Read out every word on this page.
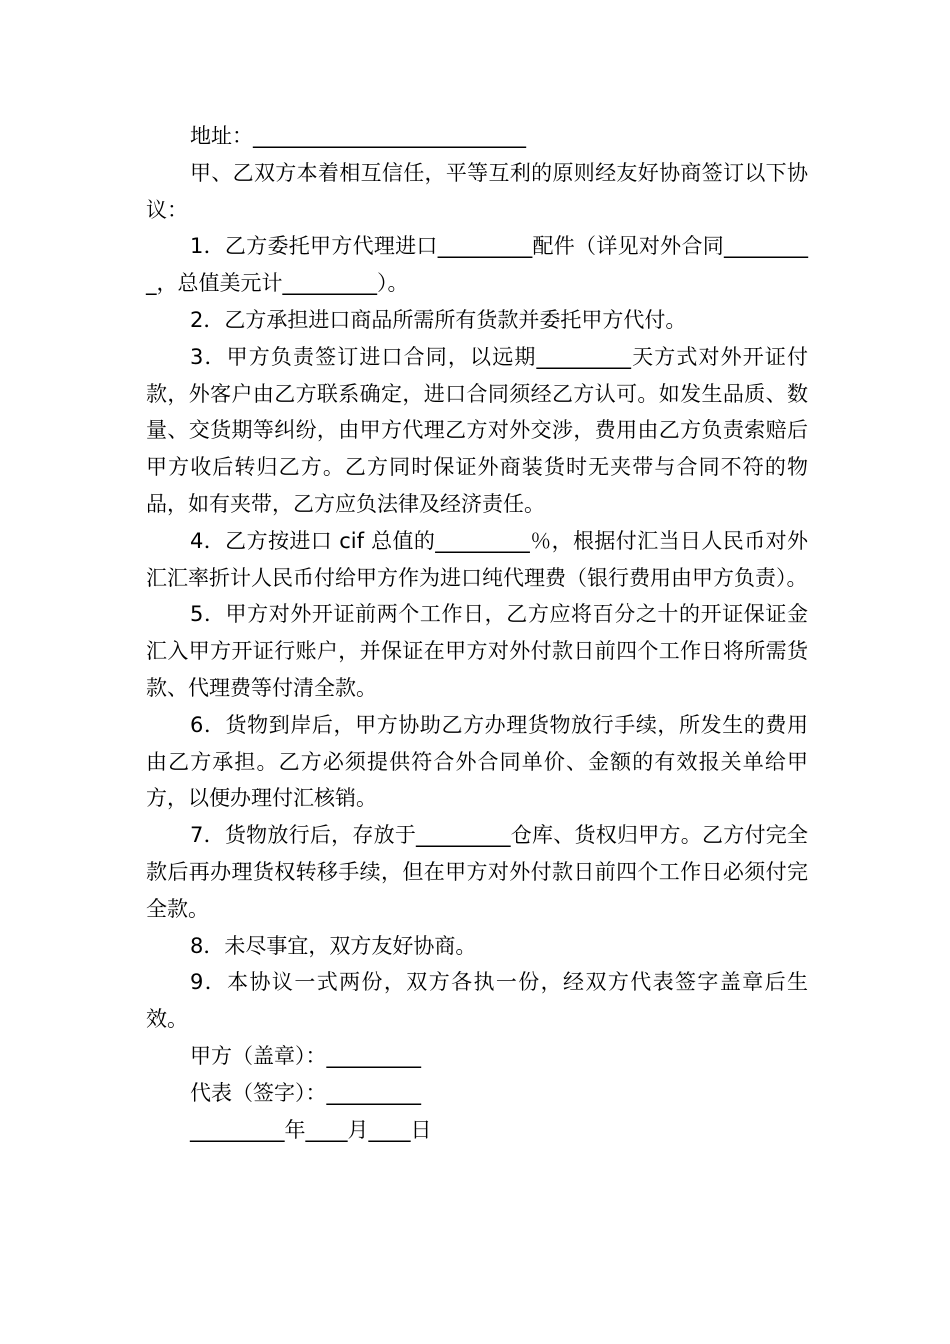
地址：__________________________

甲、乙双方本着相互信任，平等互利的原则经友好协商签订以下协议：

1．乙方委托甲方代理进口_________配件（详见对外合同_________，总值美元计_________）。

2．乙方承担进口商品所需所有货款并委托甲方代付。

3．甲方负责签订进口合同，以远期_________天方式对外开证付款，外客户由乙方联系确定，进口合同须经乙方认可。如发生品质、数量、交货期等纠纷，由甲方代理乙方对外交涉，费用由乙方负责索赔后甲方收后转归乙方。乙方同时保证外商装货时无夹带与合同不符的物品，如有夹带，乙方应负法律及经济责任。

4．乙方按进口 cif 总值的_________％，根据付汇当日人民币对外汇汇率折计人民币付给甲方作为进口纯代理费（银行费用由甲方负责）。

5．甲方对外开证前两个工作日，乙方应将百分之十的开证保证金汇入甲方开证行账户，并保证在甲方对外付款日前四个工作日将所需货款、代理费等付清全款。

6．货物到岸后，甲方协助乙方办理货物放行手续，所发生的费用由乙方承担。乙方必须提供符合外合同单价、金额的有效报关单给甲方，以便办理付汇核销。

7．货物放行后，存放于_________仓库、货权归甲方。乙方付完全款后再办理货权转移手续，但在甲方对外付款日前四个工作日必须付完全款。

8．未尽事宜，双方友好协商。

9．本协议一式两份，双方各执一份，经双方代表签字盖章后生效。

甲方（盖章）：_________

代表（签字）：_________

_________年____月____日
